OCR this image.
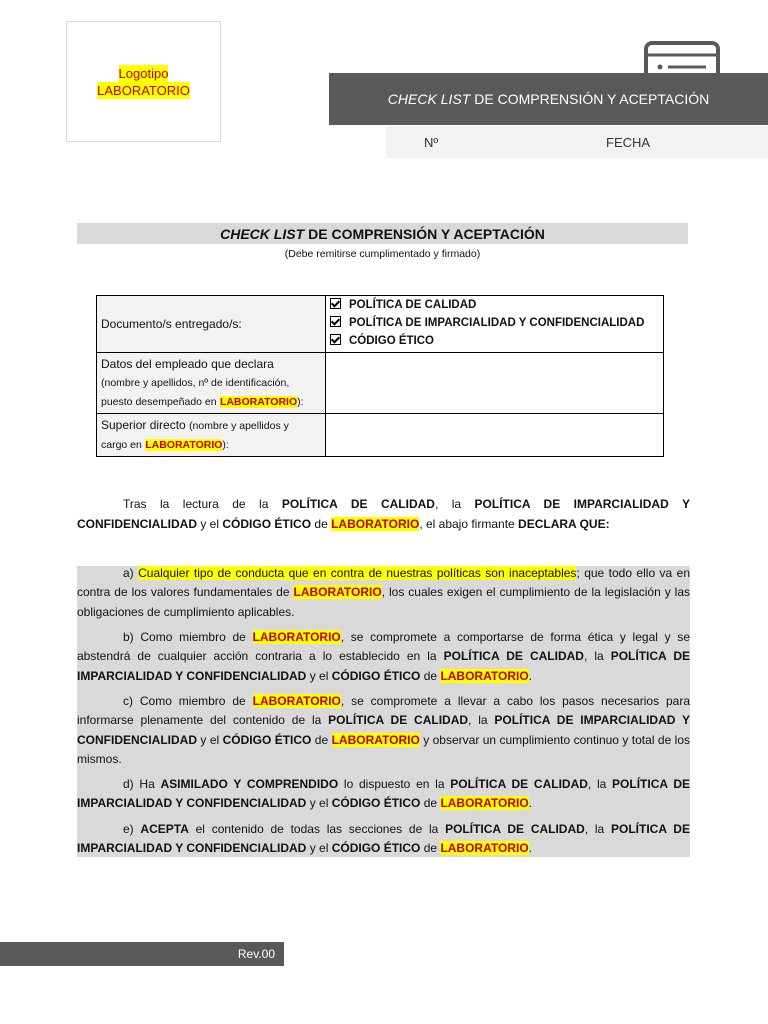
Logotipo
LABORATORIO
CHECK LIST DE COMPRENSIÓN Y ACEPTACIÓN
Nº	FECHA
CHECK LIST DE COMPRENSIÓN Y ACEPTACIÓN
(Debe remitirse cumplimentado y firmado)
Documento/s entregado/s:	POLÍTICA DE CALIDAD
POLÍTICA DE IMPARCIALIDAD Y CONFIDENCIALIDAD
CÓDIGO ÉTICO

Datos del empleado que declara
(nombre y apellidos, nº de identificación, puesto desempeñado en LABORATORIO):	
Superior directo (nombre y apellidos y
cargo en LABORATORIO):	

Tras la lectura de la POLÍTICA DE CALIDAD, la POLÍTICA DE IMPARCIALIDAD Y CONFIDENCIALIDAD y el CÓDIGO ÉTICO de LABORATORIO, el abajo firmante DECLARA QUE:

a) Cualquier tipo de conducta que en contra de nuestras políticas son inaceptables; que todo ello va en contra de los valores fundamentales de LABORATORIO, los cuales exigen el cumplimiento de la legislación y las obligaciones de cumplimiento aplicables.

b) Como miembro de LABORATORIO, se compromete a comportarse de forma ética y legal y se abstendrá de cualquier acción contraria a lo establecido en la POLÍTICA DE CALIDAD, la POLÍTICA DE IMPARCIALIDAD Y CONFIDENCIALIDAD y el CÓDIGO ÉTICO de LABORATORIO.

c) Como miembro de LABORATORIO, se compromete a llevar a cabo los pasos necesarios para informarse plenamente del contenido de la POLÍTICA DE CALIDAD, la POLÍTICA DE IMPARCIALIDAD Y CONFIDENCIALIDAD y el CÓDIGO ÉTICO de LABORATORIO y observar un cumplimiento continuo y total de los mismos.

d) Ha ASIMILADO Y COMPRENDIDO lo dispuesto en la POLÍTICA DE CALIDAD, la POLÍTICA DE IMPARCIALIDAD Y CONFIDENCIALIDAD y el CÓDIGO ÉTICO de LABORATORIO.

e) ACEPTA el contenido de todas las secciones de la POLÍTICA DE CALIDAD, la POLÍTICA DE IMPARCIALIDAD Y CONFIDENCIALIDAD y el CÓDIGO ÉTICO de LABORATORIO.

Rev.00
